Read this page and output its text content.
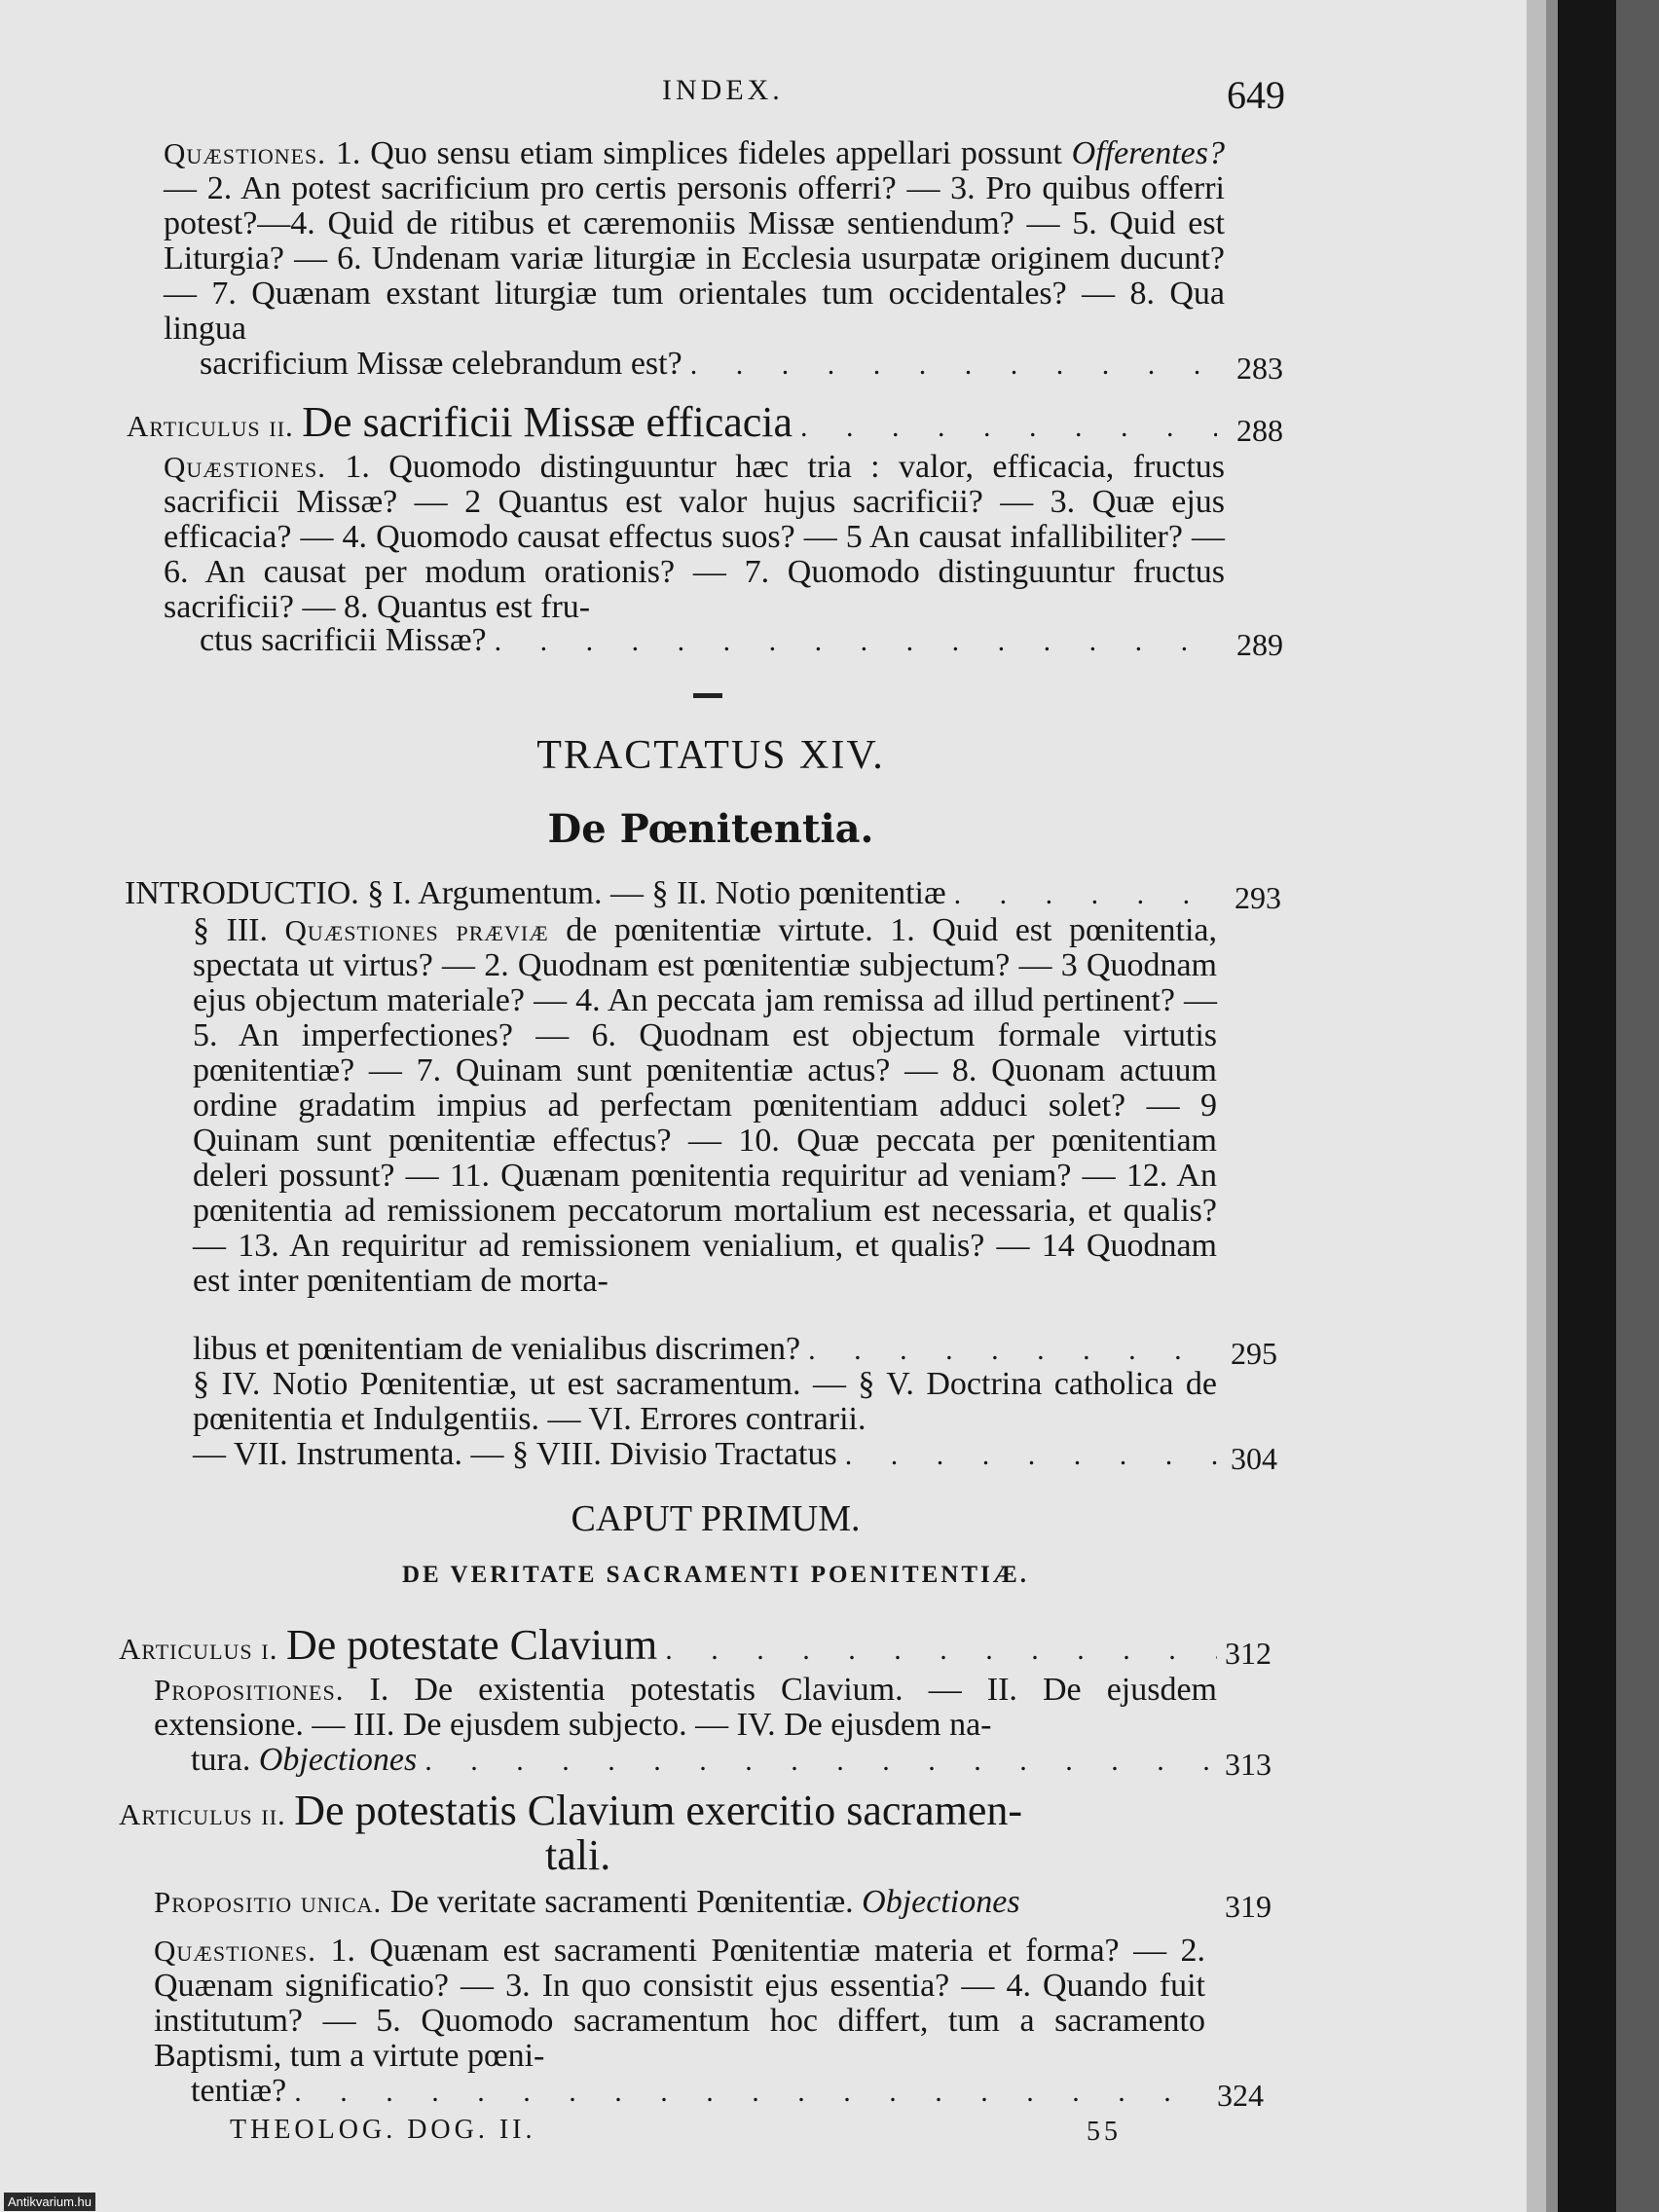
INDEX.	649
Quæstiones. 1. Quo sensu etiam simplices fideles appellari possunt Offerentes? — 2. An potest sacrificium pro certis personis offerri? — 3. Pro quibus offerri potest?—4. Quid de ritibus et cæremoniis Missæ sentiendum? — 5. Quid est Liturgia? — 6. Undenam variæ liturgiæ in Ecclesia usurpatæ originem ducunt? — 7. Quænam exstant liturgiæ tum orientales tum occidentales? — 8. Qua lingua
sacrificium Missæ celebrandum est? . . .	283
Articulus ii. De sacrificii Missæ efficacia . . .	288
Quæstiones. 1. Quomodo distinguuntur hæc tria : valor, efficacia, fructus sacrificii Missæ? — 2 Quantus est valor hujus sacrificii? — 3. Quæ ejus efficacia? — 4. Quomodo causat effectus suos? — 5 An causat infallibiliter? — 6. An causat per modum orationis? — 7. Quomodo distinguuntur fructus sacrificii? — 8. Quantus est fru-
ctus sacrificii Missæ? . . .	289
TRACTATUS XIV.
De Pœnitentia.
INTRODUCTIO. § I. Argumentum. — § II. Notio pœnitentiæ . . .	293
§ III. Quæstiones præviæ de pœnitentiæ virtute. 1. Quid est pœnitentia, spectata ut virtus? — 2. Quodnam est pœnitentiæ subjectum? — 3 Quodnam ejus objectum materiale? — 4. An peccata jam remissa ad illud pertinent? — 5. An imperfectiones? — 6. Quodnam est objectum formale virtutis pœnitentiæ? — 7. Quinam sunt pœnitentiæ actus? — 8. Quonam actuum ordine gradatim impius ad perfectam pœnitentiam adduci solet? — 9 Quinam sunt pœnitentiæ effectus? — 10. Quæ peccata per pœnitentiam deleri possunt? — 11. Quænam pœnitentia requiritur ad veniam? — 12. An pœnitentia ad remissionem peccatorum mortalium est necessaria, et qualis? — 13. An requiritur ad remissionem venialium, et qualis? — 14 Quodnam est inter pœnitentiam de morta-
libus et pœnitentiam de venialibus discrimen? . . .	295
§ IV. Notio Pœnitentiæ, ut est sacramentum. — § V. Doctrina catholica de pœnitentia et Indulgentiis. — VI. Errores contrarii.
— VII. Instrumenta. — § VIII. Divisio Tractatus . . .	304
CAPUT PRIMUM.
DE VERITATE SACRAMENTI POENITENTIÆ.
Articulus i. De potestate Clavium . . .	312
Propositiones. I. De existentia potestatis Clavium. — II. De ejusdem extensione. — III. De ejusdem subjecto. — IV. De ejusdem na-
tura. Objectiones . . .	313
Articulus ii. De potestatis Clavium exercitio sacramen-
tali.
Propositio unica. De veritate sacramenti Pœnitentiæ. Objectiones	319
Quæstiones. 1. Quænam est sacramenti Pœnitentiæ materia et forma? — 2. Quænam significatio? — 3. In quo consistit ejus essentia? — 4. Quando fuit institutum? — 5. Quomodo sacramentum hoc differt, tum a sacramento Baptismi, tum a virtute pœni-
tentiæ? . . .	324
THEOLOG. DOG. II.	55
Antikvarium.hu
